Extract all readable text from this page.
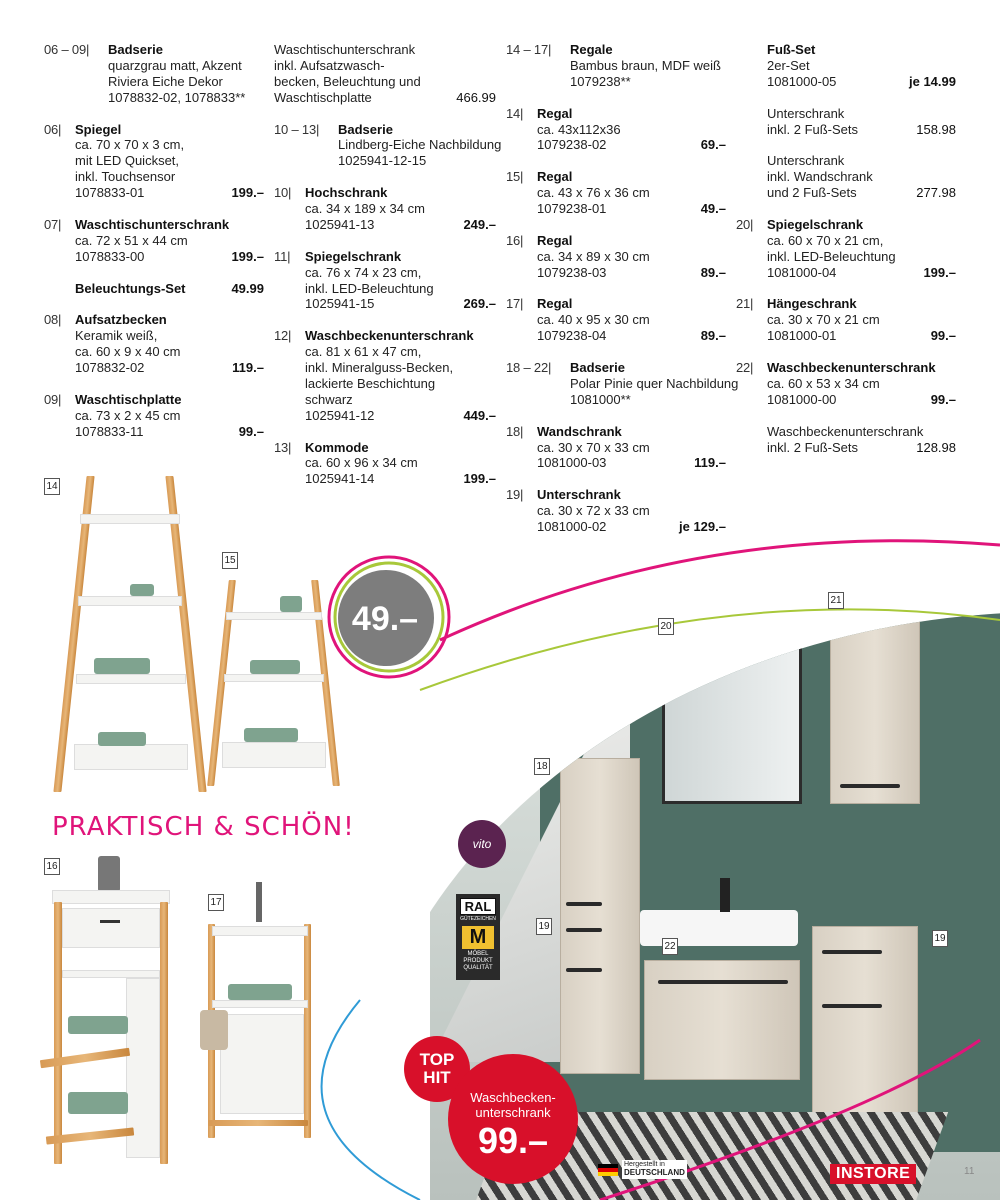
06 – 09|	Badserie
quarzgrau matt, Akzent
Riviera Eiche Dekor
1078832-02, 1078833**
06|	Spiegel
ca. 70 x 70 x 3 cm,
mit LED Quickset,
inkl. Touchsensor
1078833-01	199.–
07|	Waschtischunterschrank
ca. 72 x 51 x 44 cm
1078833-00	199.–
Beleuchtungs-Set	49.99
08|	Aufsatzbecken
Keramik weiß,
ca. 60 x 9 x 40 cm
1078832-02	119.–
09|	Waschtischplatte
ca. 73 x 2 x 45 cm
1078833-11	99.–
Waschtischunterschrank
inkl. Aufsatzwasch-
becken, Beleuchtung und
Waschtischplatte	466.99
10 – 13|	Badserie
Lindberg-Eiche Nachbildung
1025941-12-15
10|	Hochschrank
ca. 34 x 189 x 34 cm
1025941-13	249.–
11|	Spiegelschrank
ca. 76 x 74 x 23 cm,
inkl. LED-Beleuchtung
1025941-15	269.–
12|	Waschbeckenunterschrank
ca. 81 x 61 x 47 cm,
inkl. Mineralguss-Becken,
lackierte Beschichtung
schwarz
1025941-12	449.–
13|	Kommode
ca. 60 x 96 x 34 cm
1025941-14	199.–
14 – 17|	Regale
Bambus braun, MDF weiß
1079238**
14|	Regal
ca. 43x112x36
1079238-02	69.–
15|	Regal
ca. 43 x 76 x 36 cm
1079238-01	49.–
16|	Regal
ca. 34 x 89 x 30 cm
1079238-03	89.–
17|	Regal
ca. 40 x 95 x 30 cm
1079238-04	89.–
18 – 22|	Badserie
Polar Pinie quer Nachbildung
1081000**
18|	Wandschrank
ca. 30 x 70 x 33 cm
1081000-03	119.–
19|	Unterschrank
ca. 30 x 72 x 33 cm
1081000-02	je 129.–
Fuß-Set
2er-Set
1081000-05	je 14.99
Unterschrank
inkl. 2 Fuß-Sets	158.98
Unterschrank
inkl. Wandschrank
und 2 Fuß-Sets	277.98
20|	Spiegelschrank
ca. 60 x 70 x 21 cm,
inkl. LED-Beleuchtung
1081000-04	199.–
21|	Hängeschrank
ca. 30 x 70 x 21 cm
1081000-01	99.–
22|	Waschbeckenunterschrank
ca. 60 x 53 x 34 cm
1081000-00	99.–
Waschbeckenunterschrank
inkl. 2 Fuß-Sets	128.98
14
15
49.–
PRAKTISCH & SCHÖN!
16
17
20
21
18
19
19
22
vito
RAL
GÜTEZEICHEN
M
MÖBEL
PRODUKT
QUALITÄT
TOP
HIT
Waschbecken-
unterschrank
99.–
Hergestellt in
DEUTSCHLAND	INSTORE	11
